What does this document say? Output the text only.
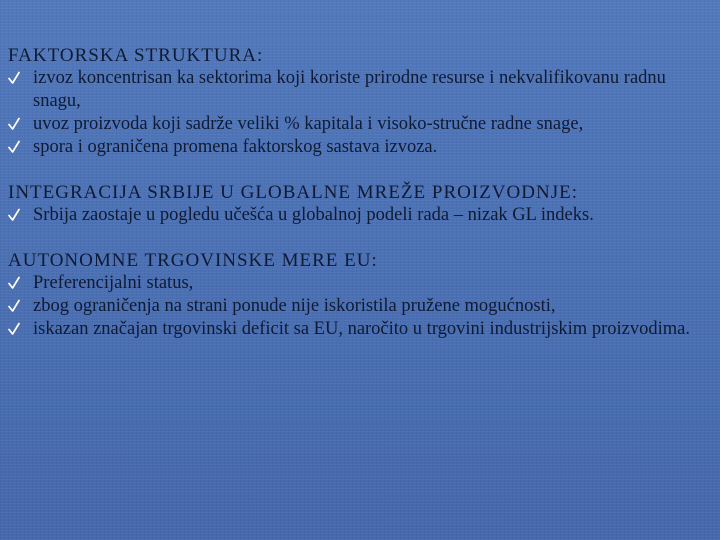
FAKTORSKA STRUKTURA:

izvoz koncentrisan ka sektorima koji koriste prirodne resurse i nekvalifikovanu radnu snagu,
uvoz proizvoda koji sadrže veliki % kapitala i visoko-stručne radne snage,
spora i ograničena promena faktorskog sastava izvoza.

INTEGRACIJA SRBIJE U GLOBALNE MREŽE PROIZVODNJE:

Srbija zaostaje u pogledu učešća u globalnoj podeli rada – nizak GL indeks.

AUTONOMNE TRGOVINSKE MERE EU:

Preferencijalni status,
zbog ograničenja na strani ponude nije iskoristila pružene mogućnosti,
iskazan značajan trgovinski deficit sa EU, naročito u trgovini industrijskim proizvodima.
